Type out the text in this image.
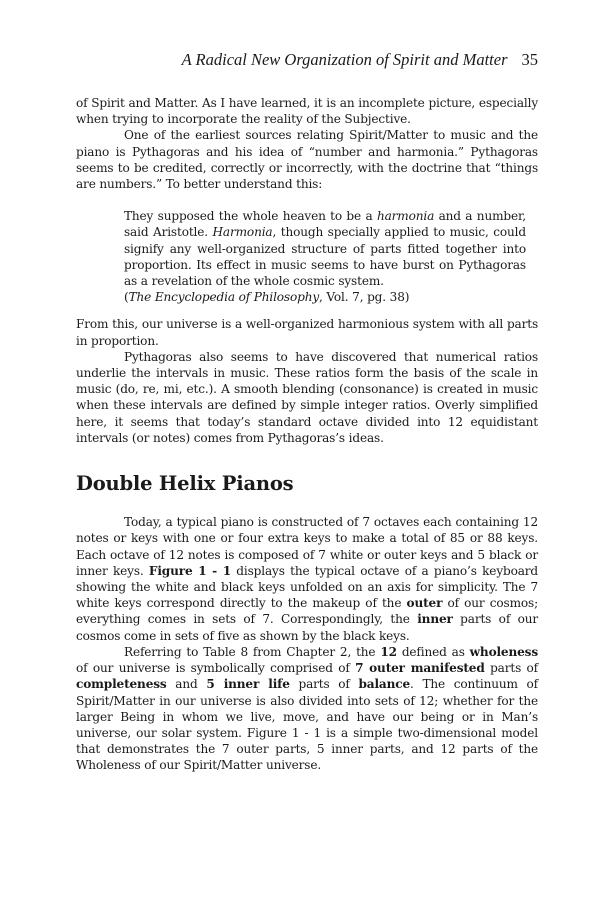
A Radical New Organization of Spirit and Matter 35

of Spirit and Matter. As I have learned, it is an incomplete picture, especially when trying to incorporate the reality of the Subjective.

One of the earliest sources relating Spirit/Matter to music and the piano is Pythagoras and his idea of “number and harmonia.” Pythagoras seems to be credited, correctly or incorrectly, with the doctrine that “things are numbers.” To better understand this:

They supposed the whole heaven to be a harmonia and a number, said Aristotle. Harmonia, though specially applied to music, could signify any well-organized structure of parts fitted together into proportion. Its effect in music seems to have burst on Pythagoras as a revelation of the whole cosmic system.

(The Encyclopedia of Philosophy, Vol. 7, pg. 38)

From this, our universe is a well-organized harmonious system with all parts in proportion.

Pythagoras also seems to have discovered that numerical ratios underlie the intervals in music. These ratios form the basis of the scale in music (do, re, mi, etc.). A smooth blending (consonance) is created in music when these intervals are defined by simple integer ratios. Overly simplified here, it seems that today’s standard octave divided into 12 equidistant intervals (or notes) comes from Pythagoras’s ideas.

Double Helix Pianos

Today, a typical piano is constructed of 7 octaves each containing 12 notes or keys with one or four extra keys to make a total of 85 or 88 keys. Each octave of 12 notes is composed of 7 white or outer keys and 5 black or inner keys. Figure 1 - 1 displays the typical octave of a piano’s keyboard showing the white and black keys unfolded on an axis for simplicity. The 7 white keys correspond directly to the makeup of the outer of our cosmos; everything comes in sets of 7. Correspondingly, the inner parts of our cosmos come in sets of five as shown by the black keys.

Referring to Table 8 from Chapter 2, the 12 defined as wholeness of our universe is symbolically comprised of 7 outer manifested parts of completeness and 5 inner life parts of balance. The continuum of Spirit/Matter in our universe is also divided into sets of 12; whether for the larger Being in whom we live, move, and have our being or in Man’s universe, our solar system. Figure 1 - 1 is a simple two-dimensional model that demonstrates the 7 outer parts, 5 inner parts, and 12 parts of the Wholeness of our Spirit/Matter universe.
